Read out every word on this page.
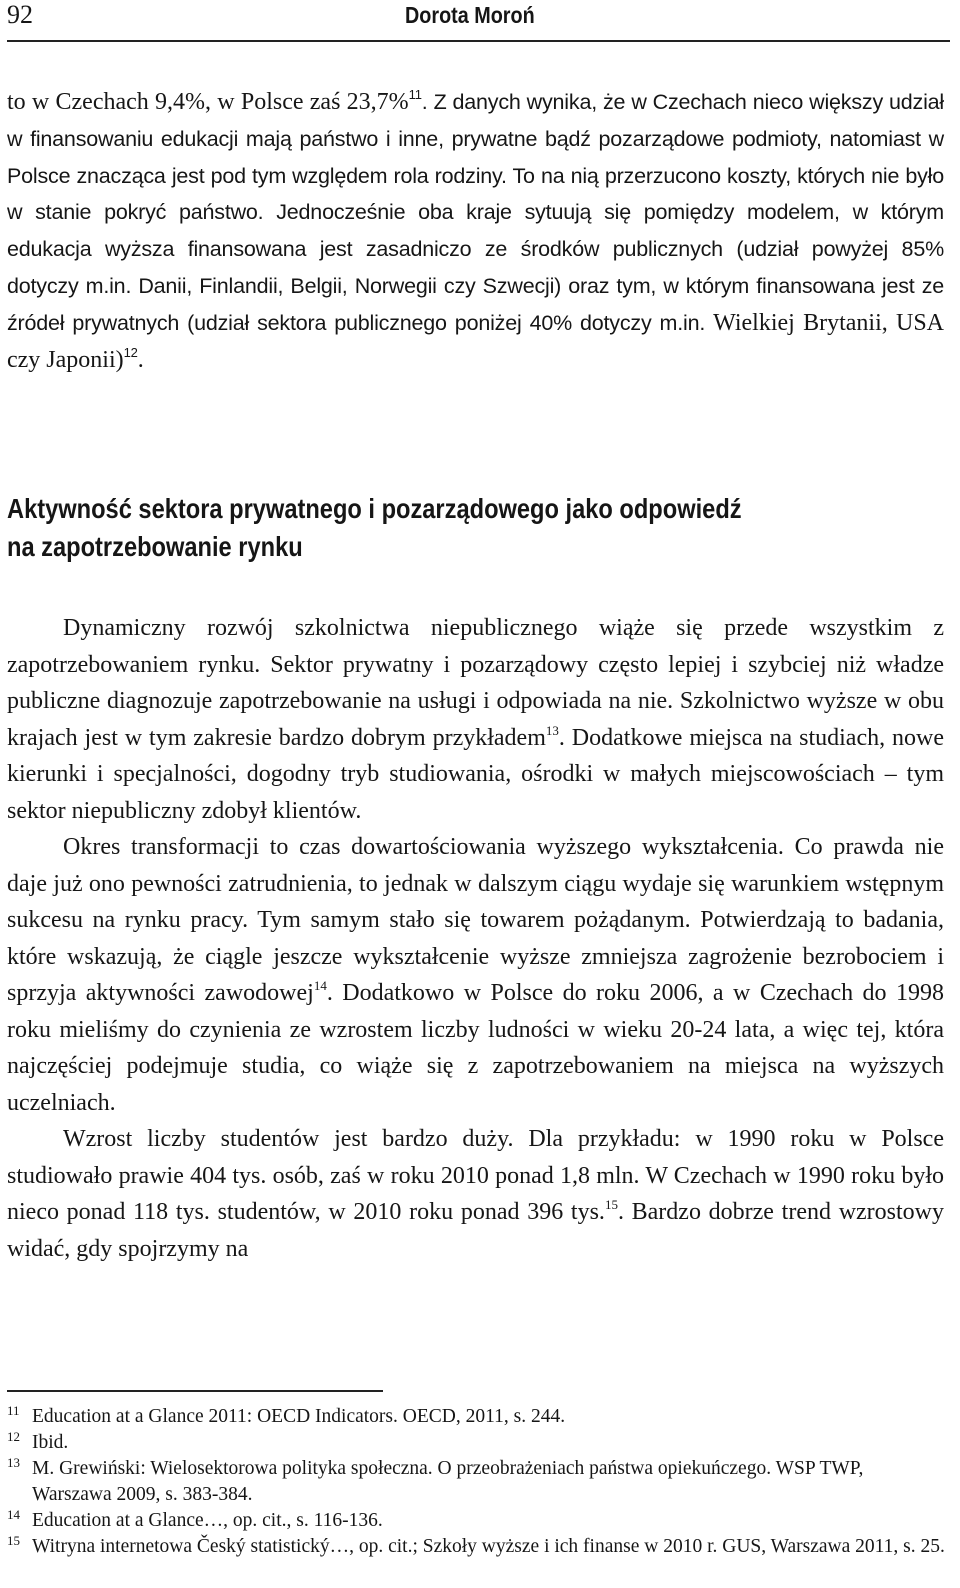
92	Dorota Moroń

to w Czechach 9,4%, w Polsce zaś 23,7%$^{11}$. Z danych wynika, że w Czechach nieco większy udział w finansowaniu edukacji mają państwo i inne, prywatne bądź pozarządowe podmioty, natomiast w Polsce znacząca jest pod tym względem rola rodziny. To na nią przerzucono koszty, których nie było w stanie pokryć państwo. Jednocześnie oba kraje sytuują się pomiędzy modelem, w którym edukacja wyższa finansowana jest zasadniczo ze środków publicznych (udział powyżej 85% dotyczy m.in. Danii, Finlandii, Belgii, Norwegii czy Szwecji) oraz tym, w którym finansowana jest ze źródeł prywatnych (udział sektora publicznego poniżej 40% dotyczy m.in. Wielkiej Brytanii, USA czy Japonii)$^{12}$.

Aktywność sektora prywatnego i pozarządowego jako odpowiedź
na zapotrzebowanie rynku

Dynamiczny rozwój szkolnictwa niepublicznego wiąże się przede wszystkim z zapotrzebowaniem rynku. Sektor prywatny i pozarządowy często lepiej i szybciej niż władze publiczne diagnozuje zapotrzebowanie na usługi i odpowiada na nie. Szkolnictwo wyższe w obu krajach jest w tym zakresie bardzo dobrym przykładem$^{13}$. Dodatkowe miejsca na studiach, nowe kierunki i specjalności, dogodny tryb studiowania, ośrodki w małych miejscowościach – tym sektor niepubliczny zdobył klientów.

Okres transformacji to czas dowartościowania wyższego wykształcenia. Co prawda nie daje już ono pewności zatrudnienia, to jednak w dalszym ciągu wydaje się warunkiem wstępnym sukcesu na rynku pracy. Tym samym stało się towarem pożądanym. Potwierdzają to badania, które wskazują, że ciągle jeszcze wykształcenie wyższe zmniejsza zagrożenie bezrobociem i sprzyja aktywności zawodowej$^{14}$. Dodatkowo w Polsce do roku 2006, a w Czechach do 1998 roku mieliśmy do czynienia ze wzrostem liczby ludności w wieku 20-24 lata, a więc tej, która najczęściej podejmuje studia, co wiąże się z zapotrzebowaniem na miejsca na wyższych uczelniach.

Wzrost liczby studentów jest bardzo duży. Dla przykładu: w 1990 roku w Polsce studiowało prawie 404 tys. osób, zaś w roku 2010 ponad 1,8 mln. W Czechach w 1990 roku było nieco ponad 118 tys. studentów, w 2010 roku ponad 396 tys.$^{15}$. Bardzo dobrze trend wzrostowy widać, gdy spojrzymy na

11 Education at a Glance 2011: OECD Indicators. OECD, 2011, s. 244.
12 Ibid.
13 M. Grewiński: Wielosektorowa polityka społeczna. O przeobrażeniach państwa opiekuńczego. WSP TWP, Warszawa 2009, s. 383-384.
14 Education at a Glance…, op. cit., s. 116-136.
15 Witryna internetowa Český statistický…, op. cit.; Szkoły wyższe i ich finanse w 2010 r. GUS, Warszawa 2011, s. 25.
